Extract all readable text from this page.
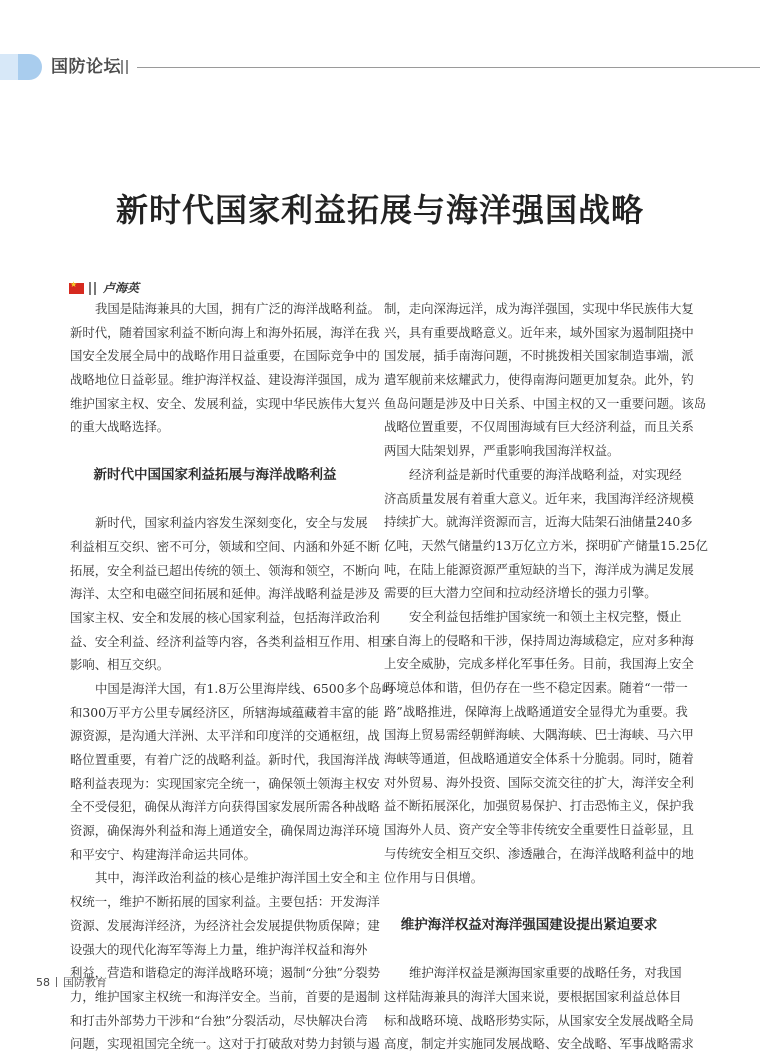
国防论坛
新时代国家利益拓展与海洋强国战略
★ 卢海英
我国是陆海兼具的大国，拥有广泛的海洋战略利益。
新时代，随着国家利益不断向海上和海外拓展，海洋在我
国安全发展全局中的战略作用日益重要，在国际竞争中的
战略地位日益彰显。维护海洋权益、建设海洋强国，成为
维护国家主权、安全、发展利益，实现中华民族伟大复兴
的重大战略选择。
新时代中国国家利益拓展与海洋战略利益
新时代，国家利益内容发生深刻变化，安全与发展
利益相互交织、密不可分，领域和空间、内涵和外延不断
拓展，安全利益已超出传统的领土、领海和领空，不断向
海洋、太空和电磁空间拓展和延伸。海洋战略利益是涉及
国家主权、安全和发展的核心国家利益，包括海洋政治利
益、安全利益、经济利益等内容，各类利益相互作用、相互
影响、相互交织。
中国是海洋大国，有1.8万公里海岸线、6500多个岛屿
和300万平方公里专属经济区，所辖海域蕴藏着丰富的能
源资源，是沟通大洋洲、太平洋和印度洋的交通枢纽，战
略位置重要，有着广泛的战略利益。新时代，我国海洋战
略利益表现为：实现国家完全统一，确保领土领海主权安
全不受侵犯，确保从海洋方向获得国家发展所需各种战略
资源，确保海外利益和海上通道安全，确保周边海洋环境
和平安宁、构建海洋命运共同体。
其中，海洋政治利益的核心是维护海洋国土安全和主
权统一，维护不断拓展的国家利益。主要包括：开发海洋
资源、发展海洋经济，为经济社会发展提供物质保障；建
设强大的现代化海军等海上力量，维护海洋权益和海外
利益，营造和谐稳定的海洋战略环境；遏制“分独”分裂势
力，维护国家主权统一和海洋安全。当前，首要的是遏制
和打击外部势力干涉和“台独”分裂活动，尽快解决台湾
问题，实现祖国完全统一。这对于打破敌对势力封锁与遏
制，走向深海远洋，成为海洋强国，实现中华民族伟大复
兴，具有重要战略意义。近年来，域外国家为遏制阻挠中
国发展，插手南海问题，不时挑拨相关国家制造事端，派
遣军舰前来炫耀武力，使得南海问题更加复杂。此外，钓
鱼岛问题是涉及中日关系、中国主权的又一重要问题。该岛
战略位置重要，不仅周围海域有巨大经济利益，而且关系
两国大陆架划界，严重影响我国海洋权益。
经济利益是新时代重要的海洋战略利益，对实现经
济高质量发展有着重大意义。近年来，我国海洋经济规模
持续扩大。就海洋资源而言，近海大陆架石油储量240多
亿吨，天然气储量约13万亿立方米，探明矿产储量15.25亿
吨，在陆上能源资源严重短缺的当下，海洋成为满足发展
需要的巨大潜力空间和拉动经济增长的强力引擎。
安全利益包括维护国家统一和领土主权完整，慑止
来自海上的侵略和干涉，保持周边海域稳定，应对多种海
上安全威胁，完成多样化军事任务。目前，我国海上安全
环境总体和谐，但仍存在一些不稳定因素。随着“一带一
路”战略推进，保障海上战略通道安全显得尤为重要。我
国海上贸易需经朝鲜海峡、大隅海峡、巴士海峡、马六甲
海峡等通道，但战略通道安全体系十分脆弱。同时，随着
对外贸易、海外投资、国际交流交往的扩大，海洋安全利
益不断拓展深化，加强贸易保护、打击恐怖主义，保护我
国海外人员、资产安全等非传统安全重要性日益彰显，且
与传统安全相互交织、渗透融合，在海洋战略利益中的地
位作用与日俱增。
维护海洋权益对海洋强国建设提出紧迫要求
维护海洋权益是濒海国家重要的战略任务，对我国
这样陆海兼具的海洋大国来说，要根据国家利益总体目
标和战略环境、战略形势实际，从国家安全发展战略全局
高度，制定并实施同发展战略、安全战略、军事战略需求
58 国防教育
